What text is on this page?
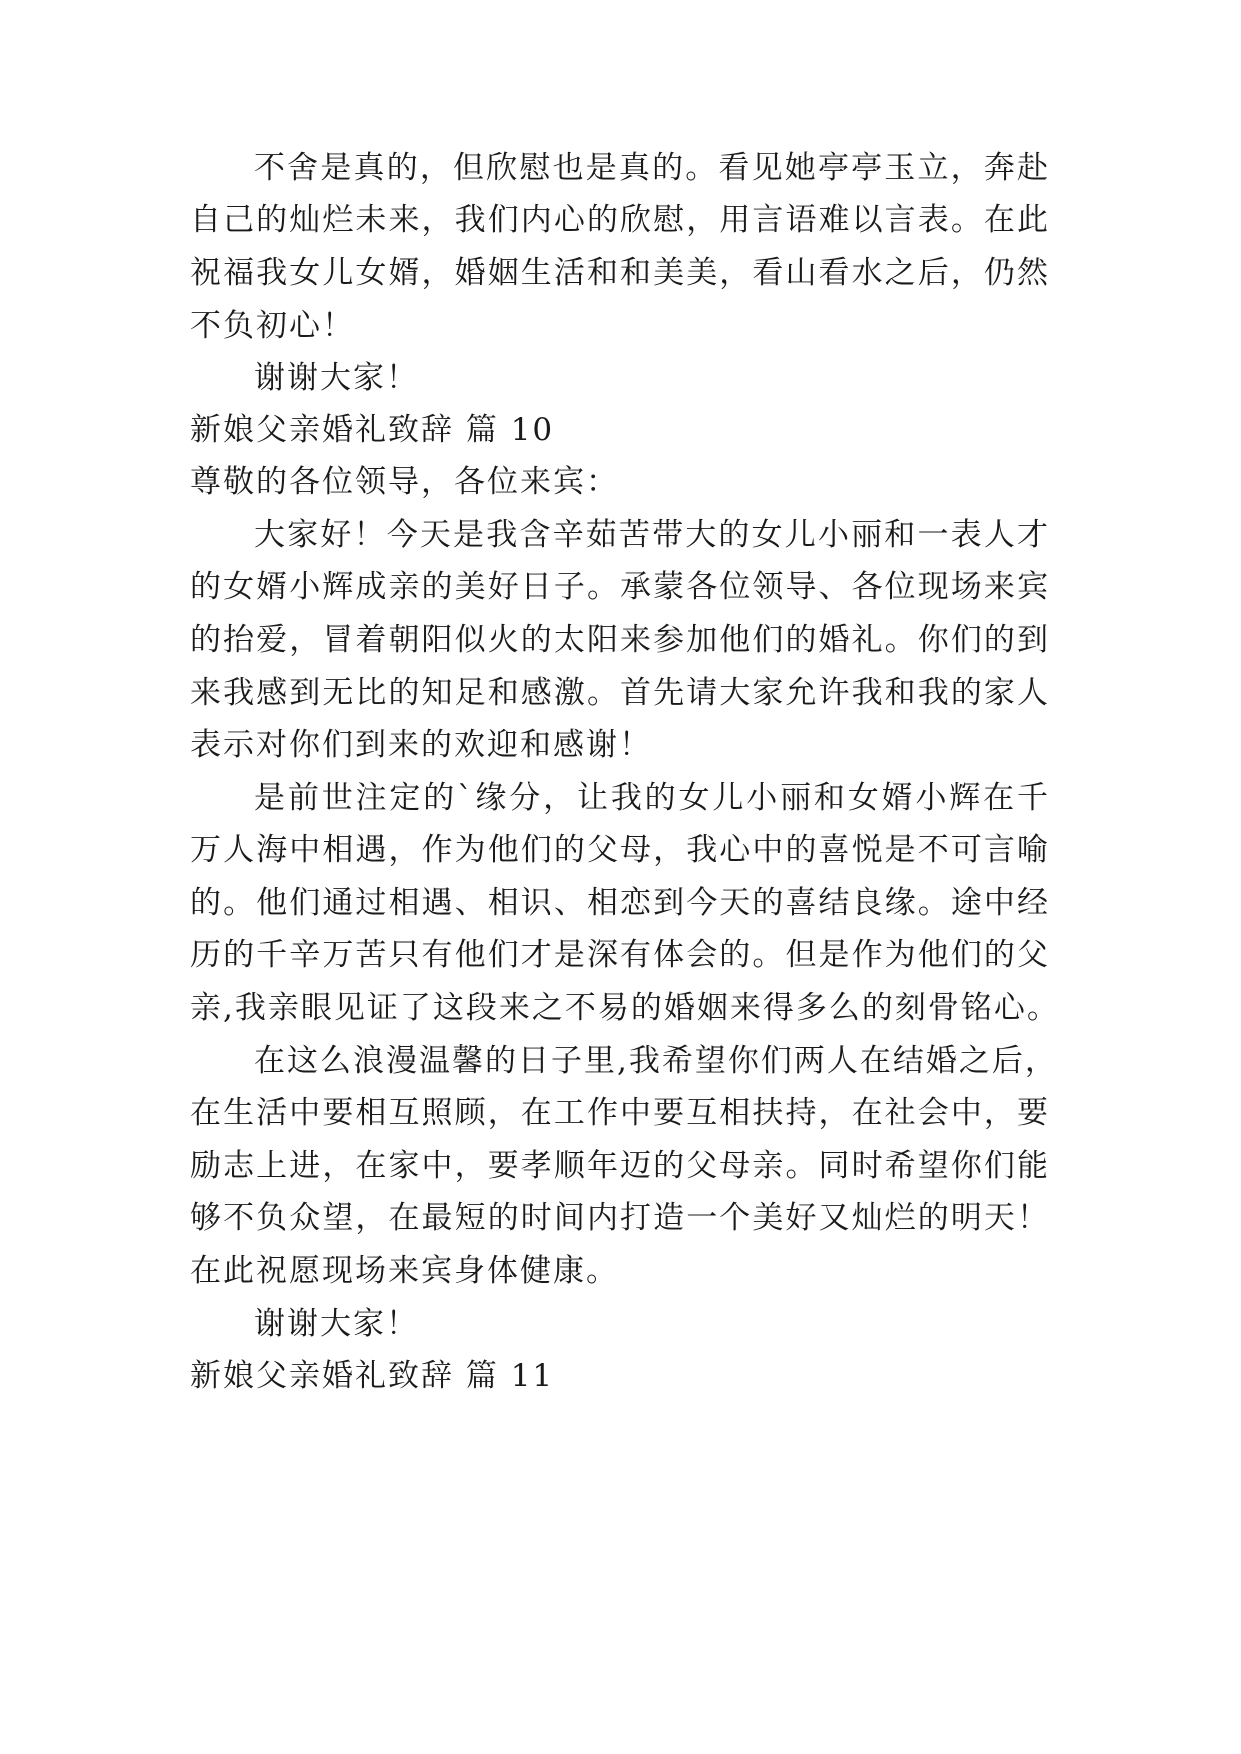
不舍是真的，但欣慰也是真的。看见她亭亭玉立，奔赴
自己的灿烂未来，我们内心的欣慰，用言语难以言表。在此
祝福我女儿女婿，婚姻生活和和美美，看山看水之后，仍然
不负初心！
谢谢大家！
新娘父亲婚礼致辞 篇 10
尊敬的各位领导，各位来宾：
大家好！今天是我含辛茹苦带大的女儿小丽和一表人才
的女婿小辉成亲的美好日子。承蒙各位领导、各位现场来宾
的抬爱，冒着朝阳似火的太阳来参加他们的婚礼。你们的到
来我感到无比的知足和感激。首先请大家允许我和我的家人
表示对你们到来的欢迎和感谢！
是前世注定的`缘分，让我的女儿小丽和女婿小辉在千
万人海中相遇，作为他们的父母，我心中的喜悦是不可言喻
的。他们通过相遇、相识、相恋到今天的喜结良缘。途中经
历的千辛万苦只有他们才是深有体会的。但是作为他们的父
亲,我亲眼见证了这段来之不易的婚姻来得多么的刻骨铭心。
在这么浪漫温馨的日子里,我希望你们两人在结婚之后，
在生活中要相互照顾，在工作中要互相扶持，在社会中，要
励志上进，在家中，要孝顺年迈的父母亲。同时希望你们能
够不负众望，在最短的时间内打造一个美好又灿烂的明天！
在此祝愿现场来宾身体健康。
谢谢大家！
新娘父亲婚礼致辞 篇 11
